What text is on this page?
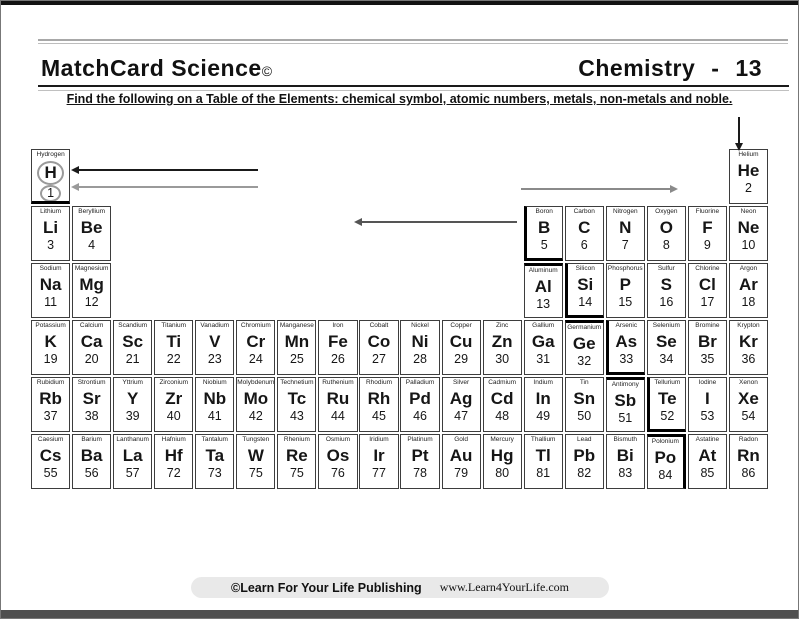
MatchCard Science©	Chemistry - 13
Find the following on a Table of the Elements: chemical symbol, atomic numbers, metals, non-metals and noble.
Hydrogen
H
1
Helium
He
2
Lithium
Li
3
Beryllium
Be
4
Boron
B
5
Carbon
C
6
Nitrogen
N
7
Oxygen
O
8
Fluorine
F
9
Neon
Ne
10
Sodium
Na
11
Magnesium
Mg
12
Aluminum
Al
13
Silicon
Si
14
Phosphorus
P
15
Sulfur
S
16
Chlorine
Cl
17
Argon
Ar
18
Potassium
K
19
Calcium
Ca
20
Scandium
Sc
21
Titanium
Ti
22
Vanadium
V
23
Chromium
Cr
24
Manganese
Mn
25
Iron
Fe
26
Cobalt
Co
27
Nickel
Ni
28
Copper
Cu
29
Zinc
Zn
30
Gallium
Ga
31
Germanium
Ge
32
Arsenic
As
33
Selenium
Se
34
Bromine
Br
35
Krypton
Kr
36
Rubidium
Rb
37
Strontium
Sr
38
Yttrium
Y
39
Zirconium
Zr
40
Niobium
Nb
41
Molybdenum
Mo
42
Technetium
Tc
43
Ruthenium
Ru
44
Rhodium
Rh
45
Palladium
Pd
46
Silver
Ag
47
Cadmium
Cd
48
Indium
In
49
Tin
Sn
50
Antimony
Sb
51
Tellurium
Te
52
Iodine
I
53
Xenon
Xe
54
Caesium
Cs
55
Barium
Ba
56
Lanthanum
La
57
Hafnium
Hf
72
Tantalum
Ta
73
Tungsten
W
75
Rhenium
Re
75
Osmium
Os
76
Iridium
Ir
77
Platinum
Pt
78
Gold
Au
79
Mercury
Hg
80
Thallium
Tl
81
Lead
Pb
82
Bismuth
Bi
83
Polonium
Po
84
Astatine
At
85
Radon
Rn
86
©Learn For Your Life Publishing www.Learn4YourLife.com
